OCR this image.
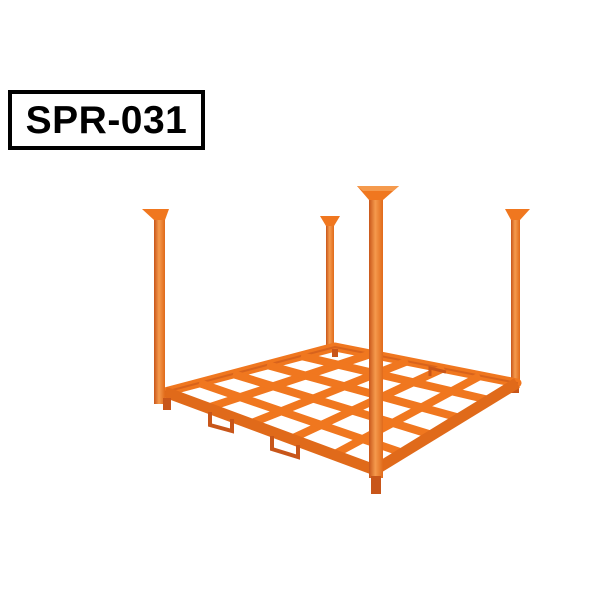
SPR-031
